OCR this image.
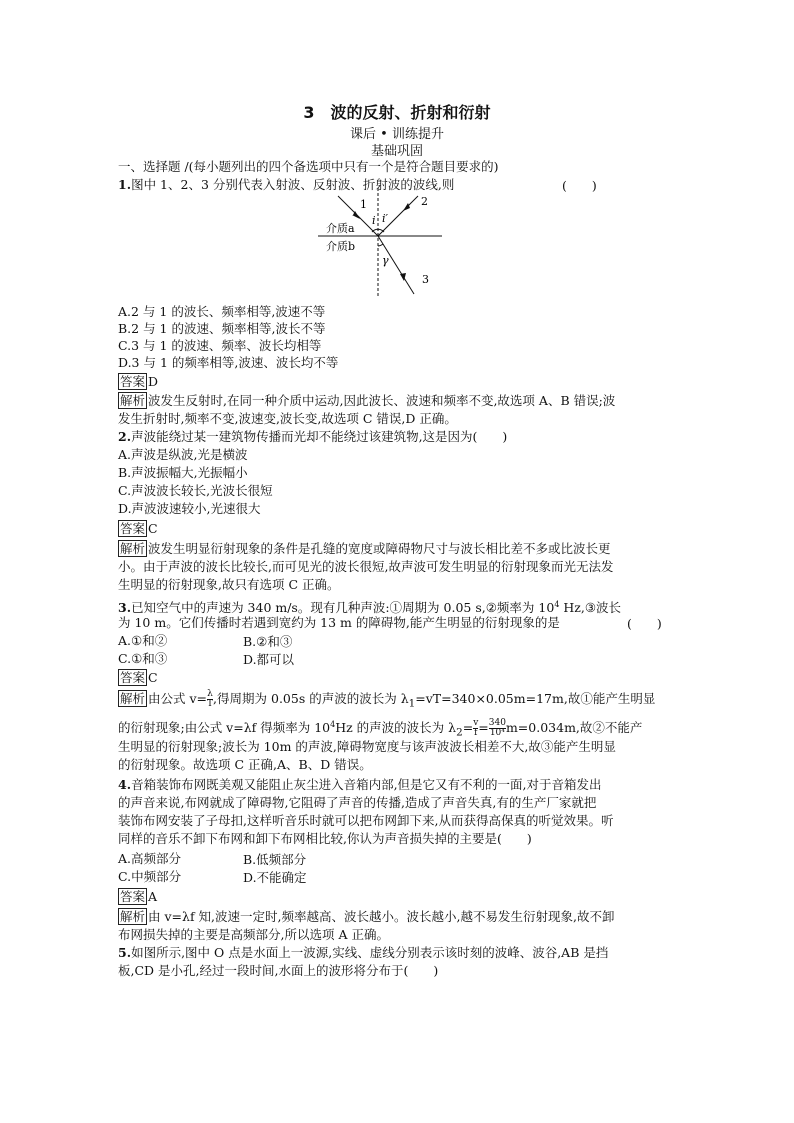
3　波的反射、折射和衍射
课后 • 训练提升
基础巩固
一、选择题 /(每小题列出的四个备选项中只有一个是符合题目要求的)
1.图中 1、2、3 分别代表入射波、反射波、折射波的波线,则	(　　)
1	2
3
i i′
γ
介质a
介质b
A.2 与 1 的波长、频率相等,波速不等
B.2 与 1 的波速、频率相等,波长不等
C.3 与 1 的波速、频率、波长均相等
D.3 与 1 的频率相等,波速、波长均不等
答案 D
解析 波发生反射时,在同一种介质中运动,因此波长、波速和频率不变,故选项 A、B 错误;波
发生折射时,频率不变,波速变,波长变,故选项 C 错误,D 正确。
2.声波能绕过某一建筑物传播而光却不能绕过该建筑物,这是因为(　　)
A.声波是纵波,光是横波
B.声波振幅大,光振幅小
C.声波波长较长,光波长很短
D.声波波速较小,光速很大
答案 C
解析 波发生明显衍射现象的条件是孔缝的宽度或障碍物尺寸与波长相比差不多或比波长更
小。由于声波的波长比较长,而可见光的波长很短,故声波可发生明显的衍射现象而光无法发
生明显的衍射现象,故只有选项 C 正确。
3.已知空气中的声速为 340 m/s。现有几种声波:①周期为 0.05 s,②频率为 $10^4$ Hz,③波长
为 10 m。它们传播时若遇到宽约为 13 m 的障碍物,能产生明显的衍射现象的是	(　　)
A.①和②	B.②和③
C.①和③	D.都可以
答案 C
解析 由公式 $v= \frac{\lambda}{T}$ ,得周期为 0.05s 的声波的波长为 $\lambda_1=vT=340\times 0.05m=17m$,故①能产生明显
的衍射现象;由公式 v=λf 得频率为 $10^4Hz$ 的声波的波长为 $\lambda_2= \frac{v}{f} = \frac{340}{\text{10⁴}} m=0.034m$,故②不能产
生明显的衍射现象;波长为 10m 的声波,障碍物宽度与该声波波长相差不大,故③能产生明显
的衍射现象。故选项 C 正确,A、B、D 错误。
4.音箱装饰布网既美观又能阻止灰尘进入音箱内部,但是它又有不利的一面,对于音箱发出
的声音来说,布网就成了障碍物,它阻碍了声音的传播,造成了声音失真,有的生产厂家就把
装饰布网安装了子母扣,这样听音乐时就可以把布网卸下来,从而获得高保真的听觉效果。听
同样的音乐不卸下布网和卸下布网相比较,你认为声音损失掉的主要是(　　)
A.高频部分	B.低频部分
C.中频部分	D.不能确定
答案 A
解析 由 v=λf 知,波速一定时,频率越高、波长越小。波长越小,越不易发生衍射现象,故不卸
布网损失掉的主要是高频部分,所以选项 A 正确。
5.如图所示,图中 O 点是水面上一波源,实线、虚线分别表示该时刻的波峰、波谷,AB 是挡
板,CD 是小孔,经过一段时间,水面上的波形将分布于(　　)
